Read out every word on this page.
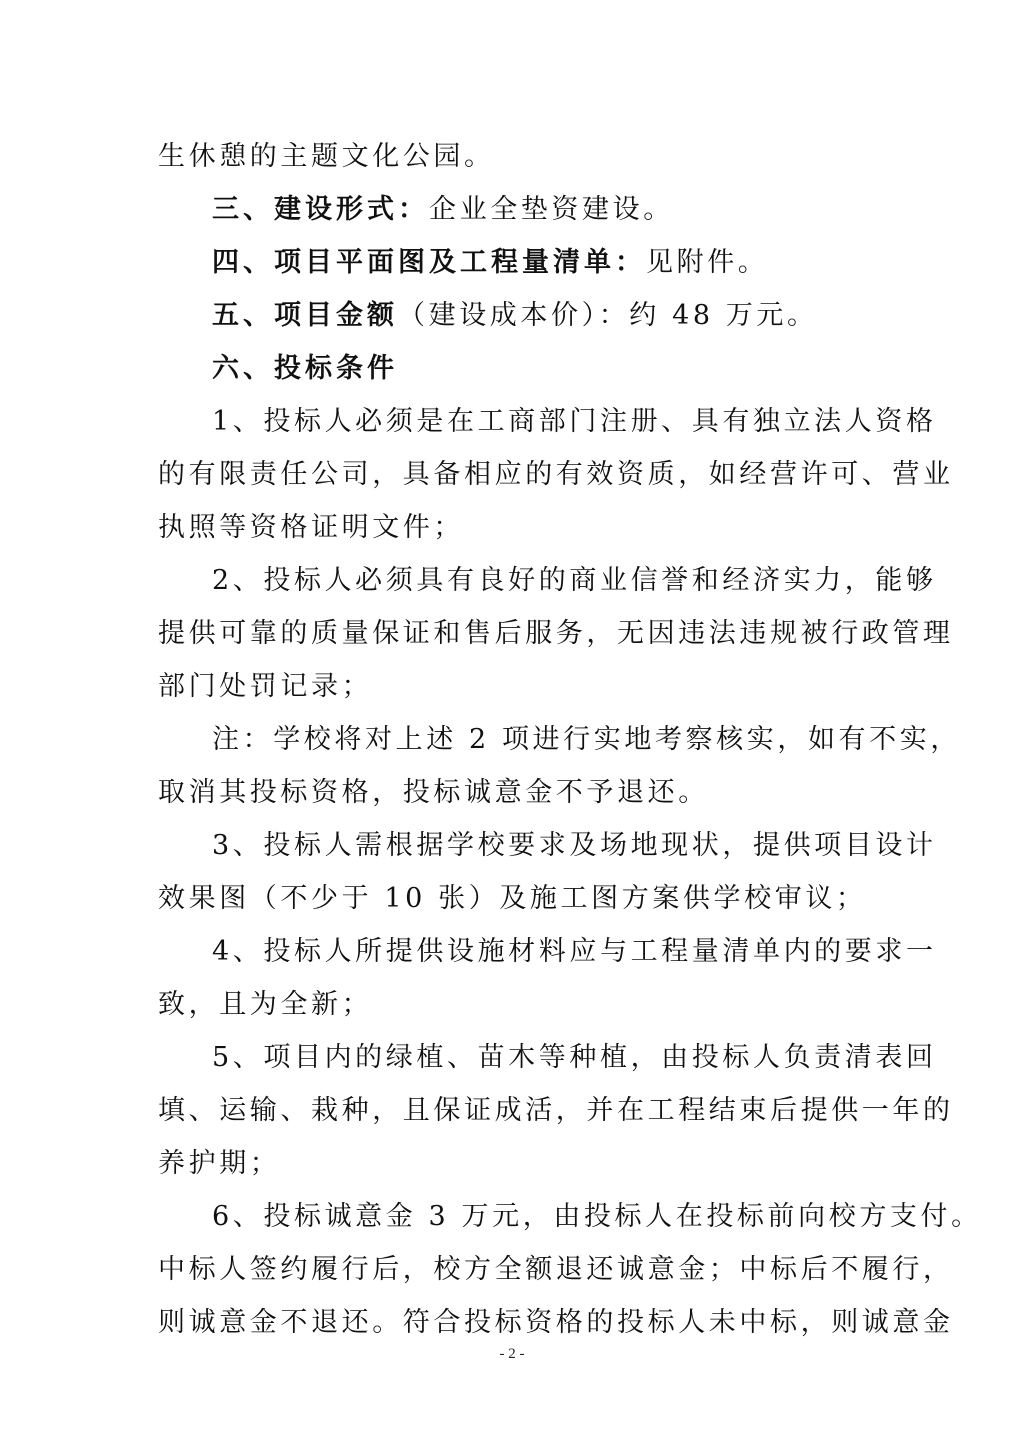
生休憩的主题文化公园。
三、建设形式：企业全垫资建设。
四、项目平面图及工程量清单：见附件。
五、项目金额（建设成本价）：约 48 万元。
六、投标条件
1、投标人必须是在工商部门注册、具有独立法人资格
的有限责任公司，具备相应的有效资质，如经营许可、营业
执照等资格证明文件；
2、投标人必须具有良好的商业信誉和经济实力，能够
提供可靠的质量保证和售后服务，无因违法违规被行政管理
部门处罚记录；
注：学校将对上述 2 项进行实地考察核实，如有不实，
取消其投标资格，投标诚意金不予退还。
3、投标人需根据学校要求及场地现状，提供项目设计
效果图（不少于 10 张）及施工图方案供学校审议；
4、投标人所提供设施材料应与工程量清单内的要求一
致，且为全新；
5、项目内的绿植、苗木等种植，由投标人负责清表回
填、运输、栽种，且保证成活，并在工程结束后提供一年的
养护期；
6、投标诚意金 3 万元，由投标人在投标前向校方支付。
中标人签约履行后，校方全额退还诚意金；中标后不履行，
则诚意金不退还。符合投标资格的投标人未中标，则诚意金
- 2 -
